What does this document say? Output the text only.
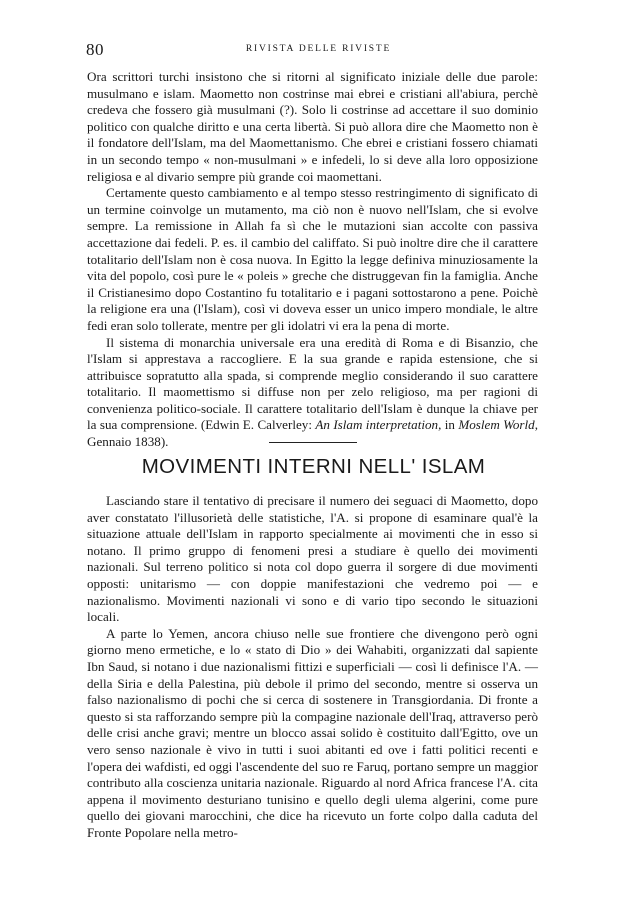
80	RIVISTA DELLE RIVISTE

Ora scrittori turchi insistono che si ritorni al significato iniziale delle due parole: musulmano e islam. Maometto non costrinse mai ebrei e cristiani all'abiura, perchè credeva che fossero già musulmani (?). Solo li costrinse ad accettare il suo dominio politico con qualche diritto e una certa libertà. Si può allora dire che Maometto non è il fondatore dell'Islam, ma del Maomettanismo. Che ebrei e cristiani fossero chiamati in un secondo tempo « non-musulmani » e infedeli, lo si deve alla loro opposizione religiosa e al divario sempre più grande coi maomettani.

Certamente questo cambiamento e al tempo stesso restringimento di significato di un termine coinvolge un mutamento, ma ciò non è nuovo nell'Islam, che si evolve sempre. La remissione in Allah fa sì che le mutazioni sian accolte con passiva accettazione dai fedeli. P. es. il cambio del califfato. Si può inoltre dire che il carattere totalitario dell'Islam non è cosa nuova. In Egitto la legge definiva minuziosamente la vita del popolo, così pure le « poleis » greche che distruggevan fin la famiglia. Anche il Cristianesimo dopo Costantino fu totalitario e i pagani sottostarono a pene. Poichè la religione era una (l'Islam), così vi doveva esser un unico impero mondiale, le altre fedi eran solo tollerate, mentre per gli idolatri vi era la pena di morte.

Il sistema di monarchia universale era una eredità di Roma e di Bisanzio, che l'Islam si apprestava a raccogliere. E la sua grande e rapida estensione, che si attribuisce sopratutto alla spada, si comprende meglio considerando il suo carattere totalitario. Il maomettismo si diffuse non per zelo religioso, ma per ragioni di convenienza politico-sociale. Il carattere totalitario dell'Islam è dunque la chiave per la sua comprensione. (Edwin E. Calverley: An Islam interpretation, in Moslem World, Gennaio 1838).

MOVIMENTI INTERNI NELL' ISLAM

Lasciando stare il tentativo di precisare il numero dei seguaci di Maometto, dopo aver constatato l'illusorietà delle statistiche, l'A. si propone di esaminare qual'è la situazione attuale dell'Islam in rapporto specialmente ai movimenti che in esso si notano. Il primo gruppo di fenomeni presi a studiare è quello dei movimenti nazionali. Sul terreno politico si nota col dopo guerra il sorgere di due movimenti opposti: unitarismo — con doppie manifestazioni che vedremo poi — e nazionalismo. Movimenti nazionali vi sono e di vario tipo secondo le situazioni locali.

A parte lo Yemen, ancora chiuso nelle sue frontiere che divengono però ogni giorno meno ermetiche, e lo « stato di Dio » dei Wahabiti, organizzati dal sapiente Ibn Saud, si notano i due nazionalismi fittizi e superficiali — così li definisce l'A. — della Siria e della Palestina, più debole il primo del secondo, mentre si osserva un falso nazionalismo di pochi che si cerca di sostenere in Transgiordania. Di fronte a questo si sta rafforzando sempre più la compagine nazionale dell'Iraq, attraverso però delle crisi anche gravi; mentre un blocco assai solido è costituito dall'Egitto, ove un vero senso nazionale è vivo in tutti i suoi abitanti ed ove i fatti politici recenti e l'opera dei wafdisti, ed oggi l'ascendente del suo re Faruq, portano sempre un maggior contributo alla coscienza unitaria nazionale. Riguardo al nord Africa francese l'A. cita appena il movimento desturiano tunisino e quello degli ulema algerini, come pure quello dei giovani marocchini, che dice ha ricevuto un forte colpo dalla caduta del Fronte Popolare nella metro-
